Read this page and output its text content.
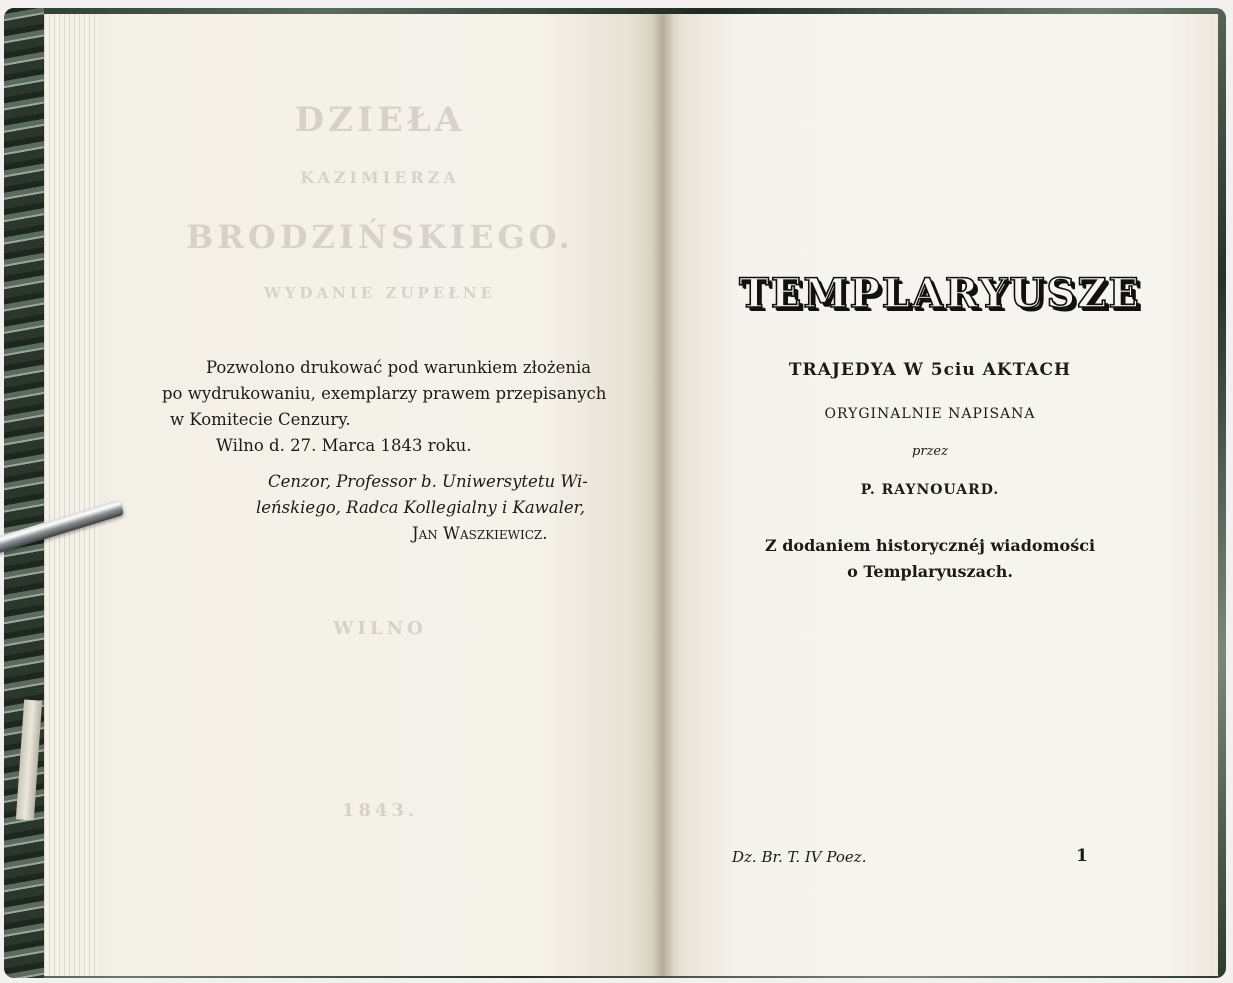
DZIEŁA
KAZIMIERZA
BRODZIŃSKIEGO.
WYDANIE ZUPEŁNE
WILNO
1843.
Pozwolono drukować pod warunkiem złożenia
po wydrukowaniu, exemplarzy prawem przepisanych
w Komitecie Cenzury.
Wilno d. 27. Marca 1843 roku.
Cenzor, Professor b. Uniwersytetu Wi-
leńskiego, Radca Kollegialny i Kawaler,
Jan Waszkiewicz.
TEMPLARYUSZE
TRAJEDYA W 5ciu AKTACH
ORYGINALNIE NAPISANA
przez
P. RAYNOUARD.
Z dodaniem historycznéj wiadomości
o Templaryuszach.
Dz. Br. T. IV Poez.	1
